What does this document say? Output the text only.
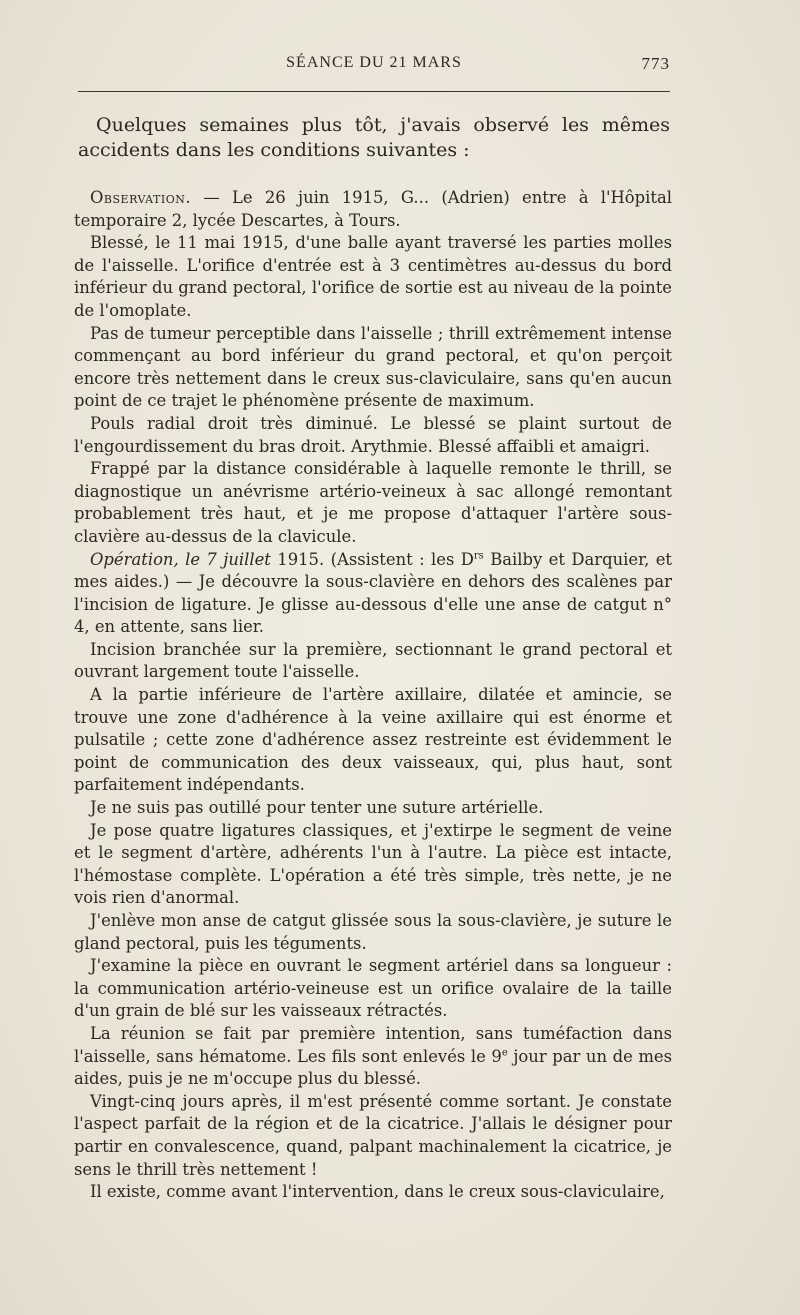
SÉANCE DU 21 MARS	773

Quelques semaines plus tôt, j'avais observé les mêmes accidents dans les conditions suivantes :

Observation. — Le 26 juin 1915, G... (Adrien) entre à l'Hôpital temporaire 2, lycée Descartes, à Tours.

Blessé, le 11 mai 1915, d'une balle ayant traversé les parties molles de l'aisselle. L'orifice d'entrée est à 3 centimètres au-dessus du bord inférieur du grand pectoral, l'orifice de sortie est au niveau de la pointe de l'omoplate.

Pas de tumeur perceptible dans l'aisselle ; thrill extrêmement intense commençant au bord inférieur du grand pectoral, et qu'on perçoit encore très nettement dans le creux sus-claviculaire, sans qu'en aucun point de ce trajet le phénomène présente de maximum.

Pouls radial droit très diminué. Le blessé se plaint surtout de l'engourdissement du bras droit. Arythmie. Blessé affaibli et amaigri.

Frappé par la distance considérable à laquelle remonte le thrill, se diagnostique un anévrisme artério-veineux à sac allongé remontant probablement très haut, et je me propose d'attaquer l'artère sous-clavière au-dessus de la clavicule.

Opération, le 7 juillet 1915. (Assistent : les $D^{rs}$ Bailby et Darquier, et mes aides.) — Je découvre la sous-clavière en dehors des scalènes par l'incision de ligature. Je glisse au-dessous d'elle une anse de catgut n° 4, en attente, sans lier.

Incision branchée sur la première, sectionnant le grand pectoral et ouvrant largement toute l'aisselle.

A la partie inférieure de l'artère axillaire, dilatée et amincie, se trouve une zone d'adhérence à la veine axillaire qui est énorme et pulsatile ; cette zone d'adhérence assez restreinte est évidemment le point de communication des deux vaisseaux, qui, plus haut, sont parfaitement indépendants.

Je ne suis pas outillé pour tenter une suture artérielle.

Je pose quatre ligatures classiques, et j'extirpe le segment de veine et le segment d'artère, adhérents l'un à l'autre. La pièce est intacte, l'hémostase complète. L'opération a été très simple, très nette, je ne vois rien d'anormal.

J'enlève mon anse de catgut glissée sous la sous-clavière, je suture le gland pectoral, puis les téguments.

J'examine la pièce en ouvrant le segment artériel dans sa longueur : la communication artério-veineuse est un orifice ovalaire de la taille d'un grain de blé sur les vaisseaux rétractés.

La réunion se fait par première intention, sans tuméfaction dans l'aisselle, sans hématome. Les fils sont enlevés le 9e jour par un de mes aides, puis je ne m'occupe plus du blessé.

Vingt-cinq jours après, il m'est présenté comme sortant. Je constate l'aspect parfait de la région et de la cicatrice. J'allais le désigner pour partir en convalescence, quand, palpant machinalement la cicatrice, je sens le thrill très nettement !

Il existe, comme avant l'intervention, dans le creux sous-claviculaire,
